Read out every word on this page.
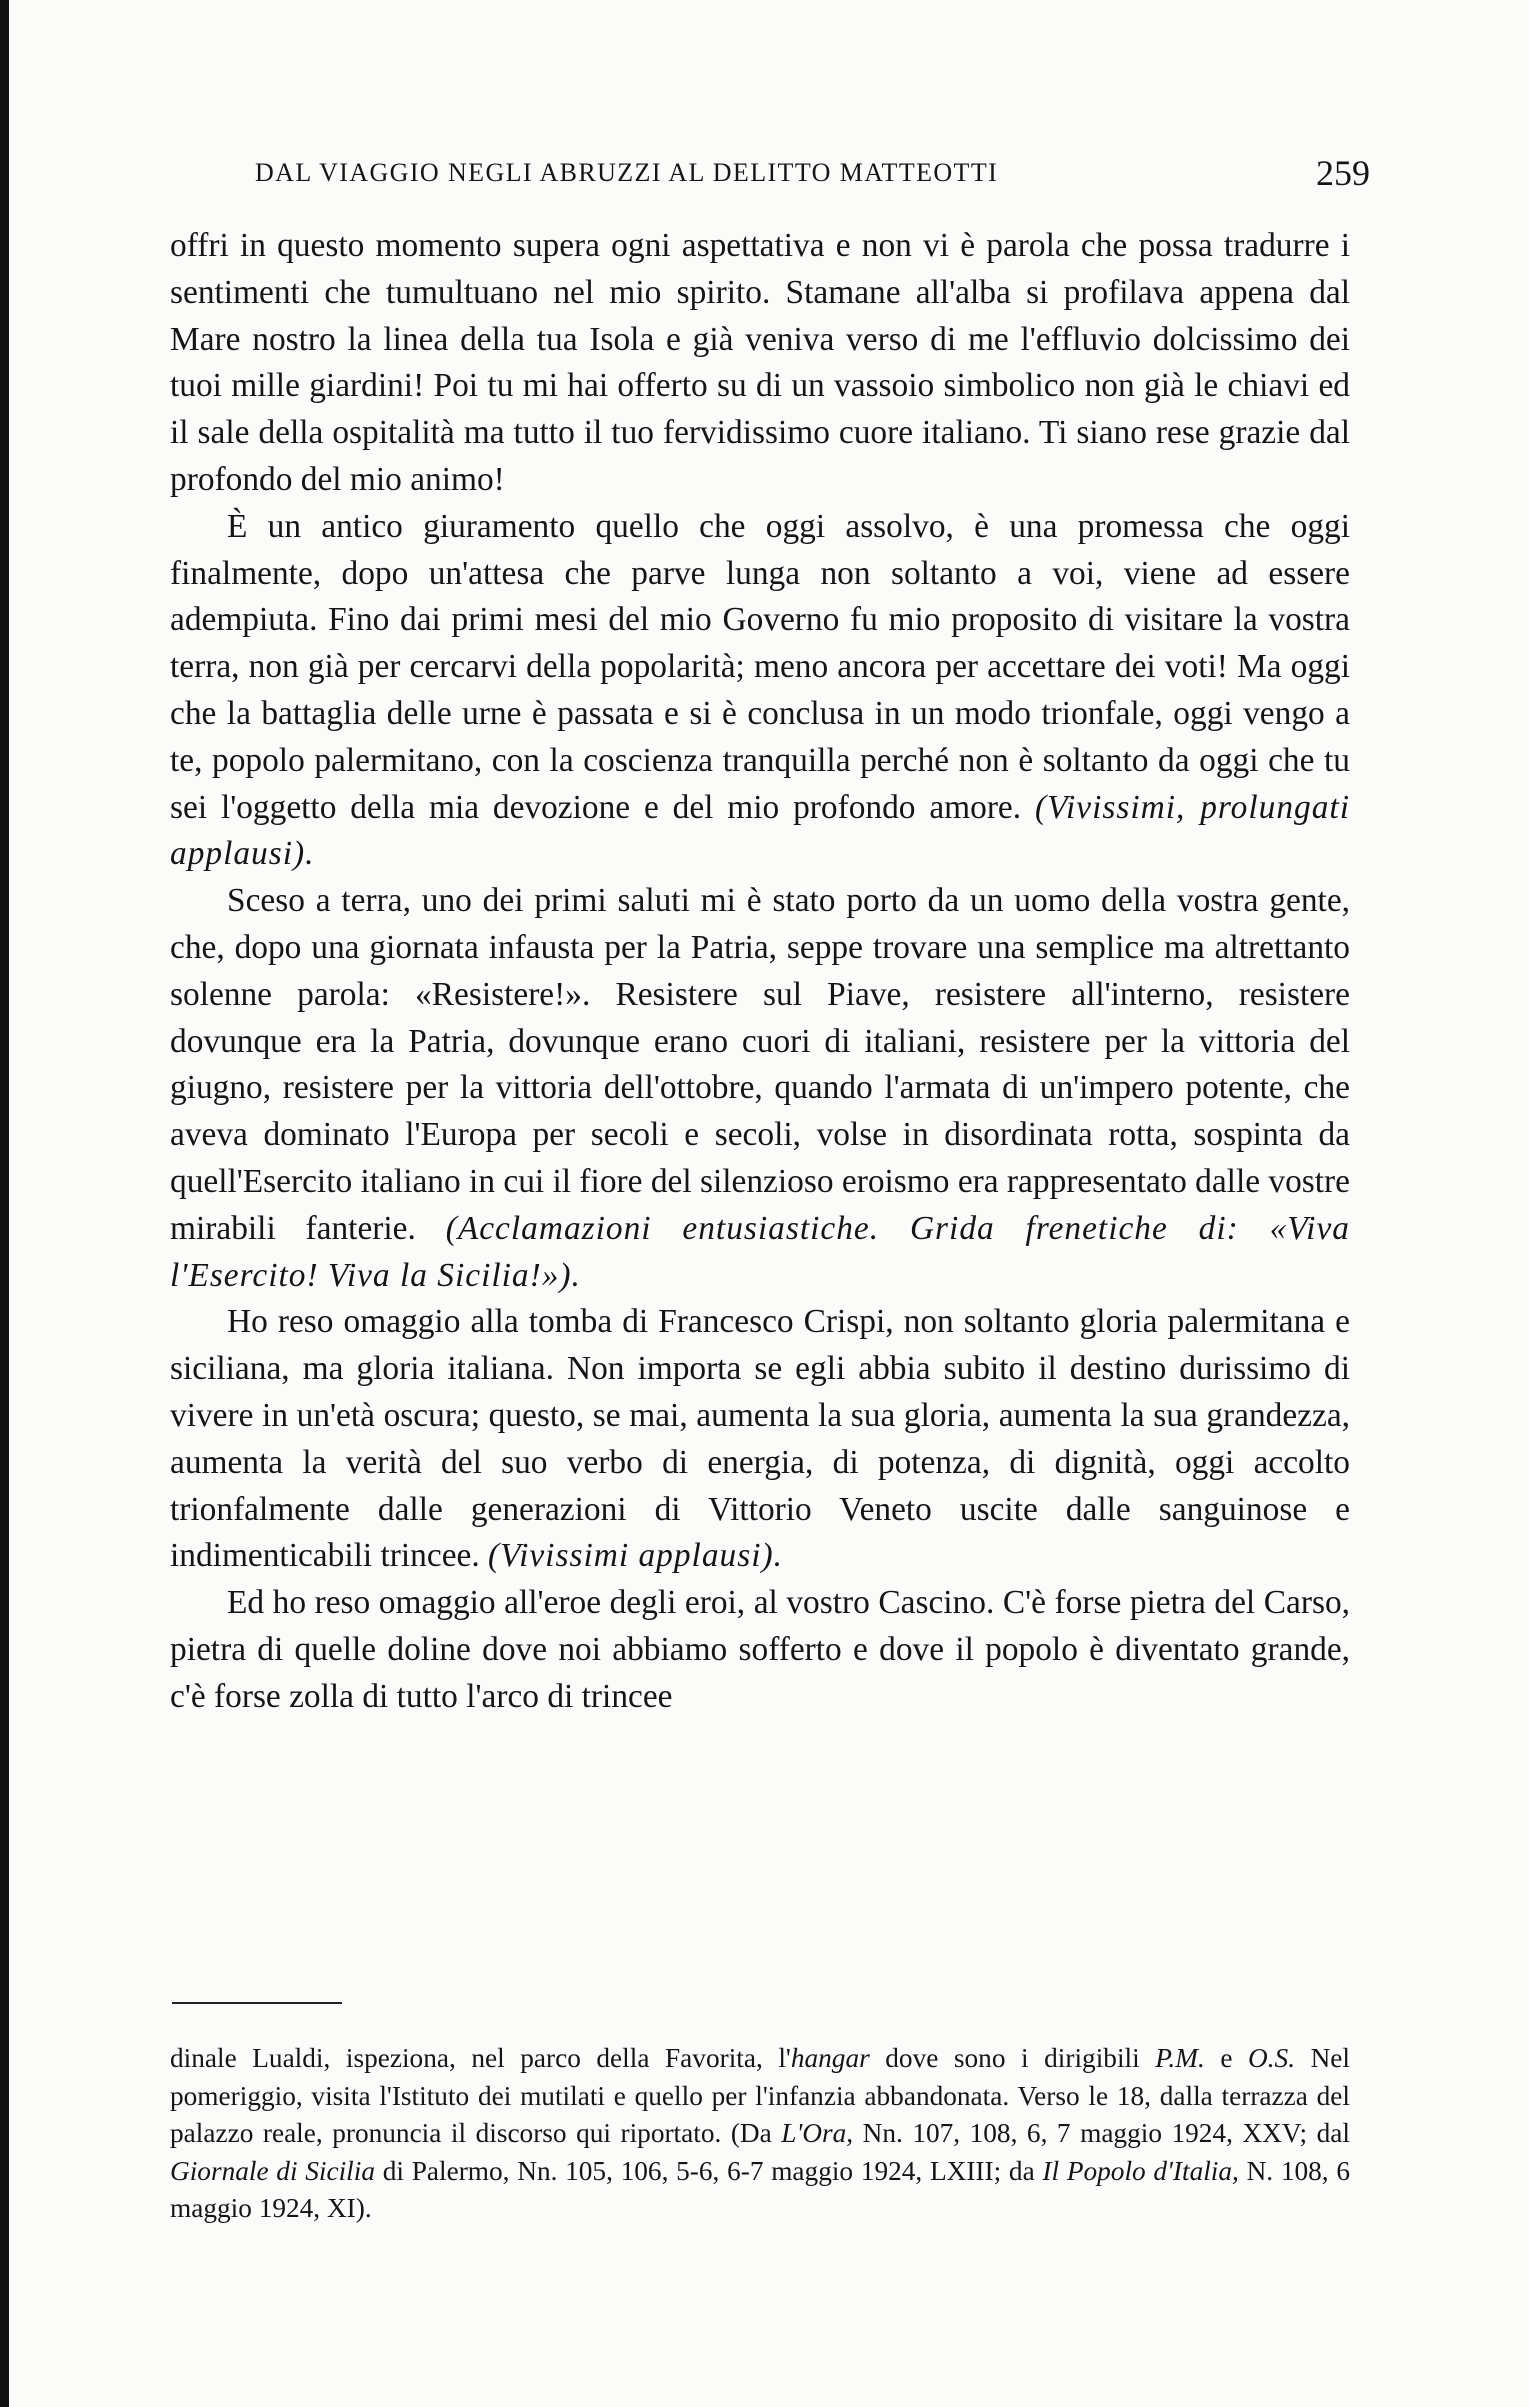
DAL VIAGGIO NEGLI ABRUZZI AL DELITTO MATTEOTTI	259

offri in questo momento supera ogni aspettativa e non vi è parola che possa tradurre i sentimenti che tumultuano nel mio spirito. Stamane all'alba si profilava appena dal Mare nostro la linea della tua Isola e già veniva verso di me l'effluvio dolcissimo dei tuoi mille giardini! Poi tu mi hai offerto su di un vassoio simbolico non già le chiavi ed il sale della ospitalità ma tutto il tuo fervidissimo cuore italiano. Ti siano rese grazie dal profondo del mio animo!

È un antico giuramento quello che oggi assolvo, è una promessa che oggi finalmente, dopo un'attesa che parve lunga non soltanto a voi, viene ad essere adempiuta. Fino dai primi mesi del mio Governo fu mio proposito di visitare la vostra terra, non già per cercarvi della popolarità; meno ancora per accettare dei voti! Ma oggi che la battaglia delle urne è passata e si è conclusa in un modo trionfale, oggi vengo a te, popolo palermitano, con la coscienza tranquilla perché non è soltanto da oggi che tu sei l'oggetto della mia devozione e del mio profondo amore. (Vivissimi, prolungati applausi).

Sceso a terra, uno dei primi saluti mi è stato porto da un uomo della vostra gente, che, dopo una giornata infausta per la Patria, seppe trovare una semplice ma altrettanto solenne parola: «Resistere!». Resistere sul Piave, resistere all'interno, resistere dovunque era la Patria, dovunque erano cuori di italiani, resistere per la vittoria del giugno, resistere per la vittoria dell'ottobre, quando l'armata di un'impero potente, che aveva dominato l'Europa per secoli e secoli, volse in disordinata rotta, sospinta da quell'Esercito italiano in cui il fiore del silenzioso eroismo era rappresentato dalle vostre mirabili fanterie. (Acclamazioni entusiastiche. Grida frenetiche di: «Viva l'Esercito! Viva la Sicilia!»).

Ho reso omaggio alla tomba di Francesco Crispi, non soltanto gloria palermitana e siciliana, ma gloria italiana. Non importa se egli abbia subito il destino durissimo di vivere in un'età oscura; questo, se mai, aumenta la sua gloria, aumenta la sua grandezza, aumenta la verità del suo verbo di energia, di potenza, di dignità, oggi accolto trionfalmente dalle generazioni di Vittorio Veneto uscite dalle sanguinose e indimenticabili trincee. (Vivissimi applausi).

Ed ho reso omaggio all'eroe degli eroi, al vostro Cascino. C'è forse pietra del Carso, pietra di quelle doline dove noi abbiamo sofferto e dove il popolo è diventato grande, c'è forse zolla di tutto l'arco di trincee

dinale Lualdi, ispeziona, nel parco della Favorita, l'hangar dove sono i dirigibili P.M. e O.S. Nel pomeriggio, visita l'Istituto dei mutilati e quello per l'infanzia abbandonata. Verso le 18, dalla terrazza del palazzo reale, pronuncia il discorso qui riportato. (Da L'Ora, Nn. 107, 108, 6, 7 maggio 1924, XXV; dal Giornale di Sicilia di Palermo, Nn. 105, 106, 5-6, 6-7 maggio 1924, LXIII; da Il Popolo d'Italia, N. 108, 6 maggio 1924, XI).
